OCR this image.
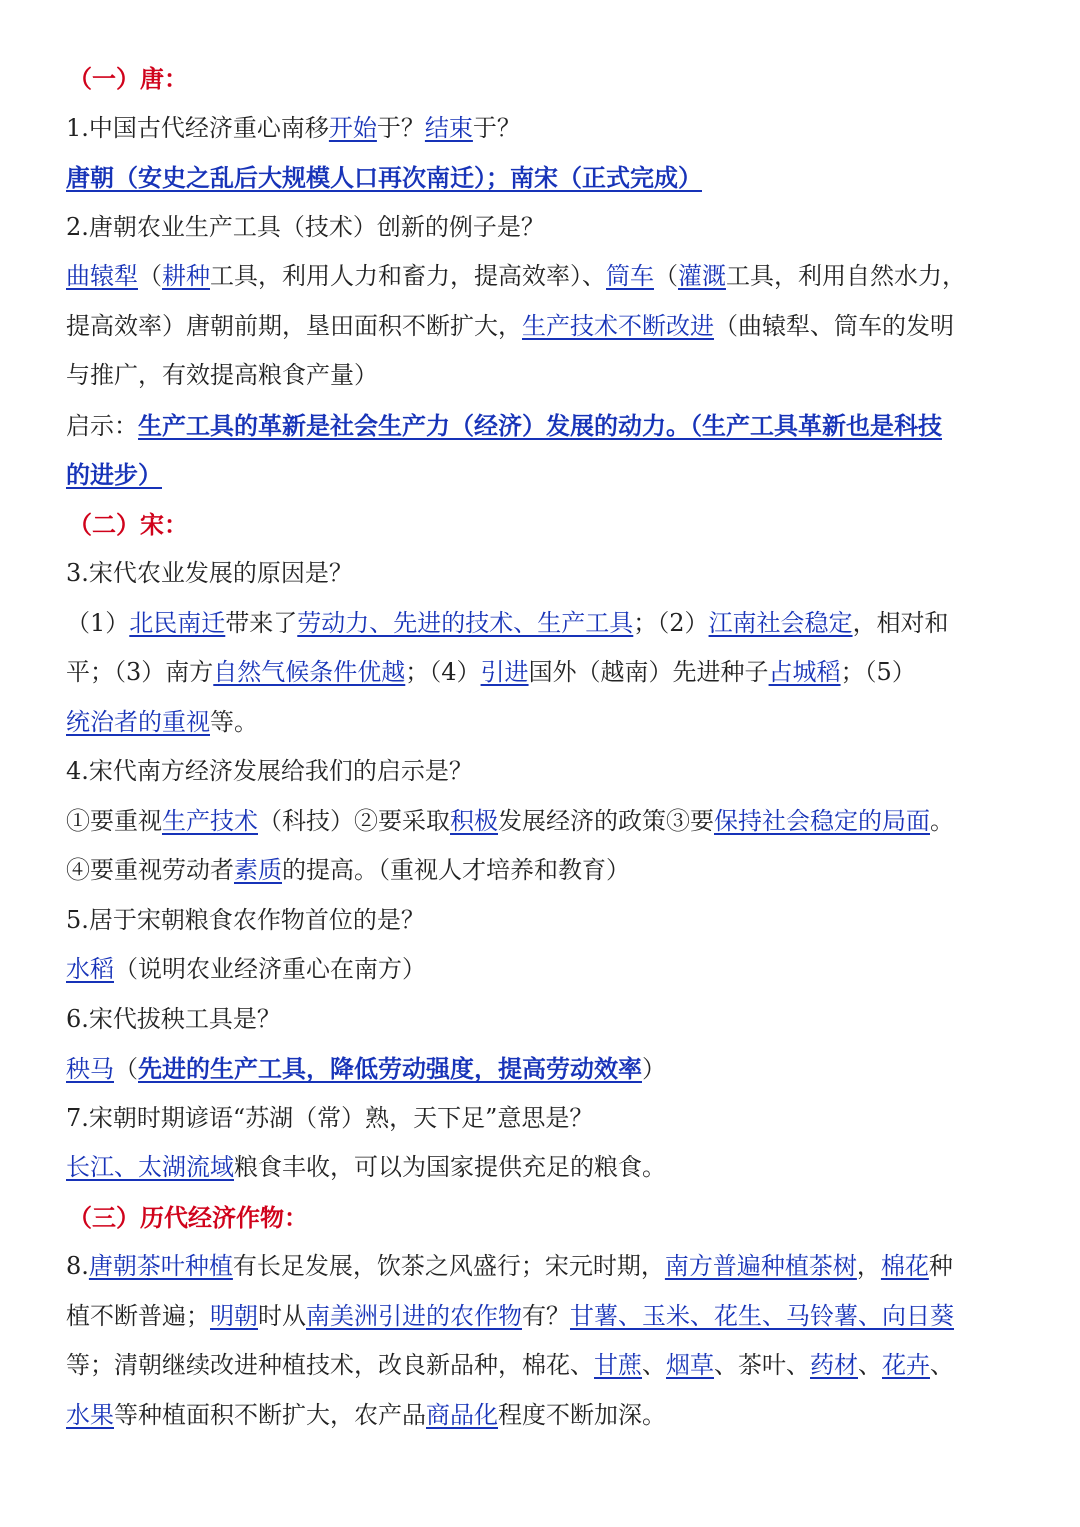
（一）唐：
1.中国古代经济重心南移开始于？结束于？
唐朝（安史之乱后大规模人口再次南迁）；南宋（正式完成）
2.唐朝农业生产工具（技术）创新的例子是？
曲辕犁（耕种工具，利用人力和畜力，提高效率）、筒车（灌溉工具，利用自然水力，
提高效率）唐朝前期，垦田面积不断扩大，生产技术不断改进（曲辕犁、筒车的发明
与推广，有效提高粮食产量）
启示：生产工具的革新是社会生产力（经济）发展的动力。（生产工具革新也是科技
的进步）
（二）宋：
3.宋代农业发展的原因是？
（1）北民南迁带来了劳动力、先进的技术、生产工具；（2）江南社会稳定，相对和
平；（3）南方自然气候条件优越；（4）引进国外（越南）先进种子占城稻；（5）
统治者的重视等。
4.宋代南方经济发展给我们的启示是？
①要重视生产技术（科技）②要采取积极发展经济的政策③要保持社会稳定的局面。
④要重视劳动者素质的提高。（重视人才培养和教育）
5.居于宋朝粮食农作物首位的是？
水稻（说明农业经济重心在南方）
6.宋代拔秧工具是？
秧马（先进的生产工具，降低劳动强度，提高劳动效率）
7.宋朝时期谚语“苏湖（常）熟，天下足”意思是？
长江、太湖流域粮食丰收，可以为国家提供充足的粮食。
（三）历代经济作物：
8.唐朝茶叶种植有长足发展，饮茶之风盛行；宋元时期，南方普遍种植茶树，棉花种
植不断普遍；明朝时从南美洲引进的农作物有？甘薯、玉米、花生、马铃薯、向日葵
等；清朝继续改进种植技术，改良新品种，棉花、甘蔗、烟草、茶叶、药材、花卉、
水果等种植面积不断扩大，农产品商品化程度不断加深。
